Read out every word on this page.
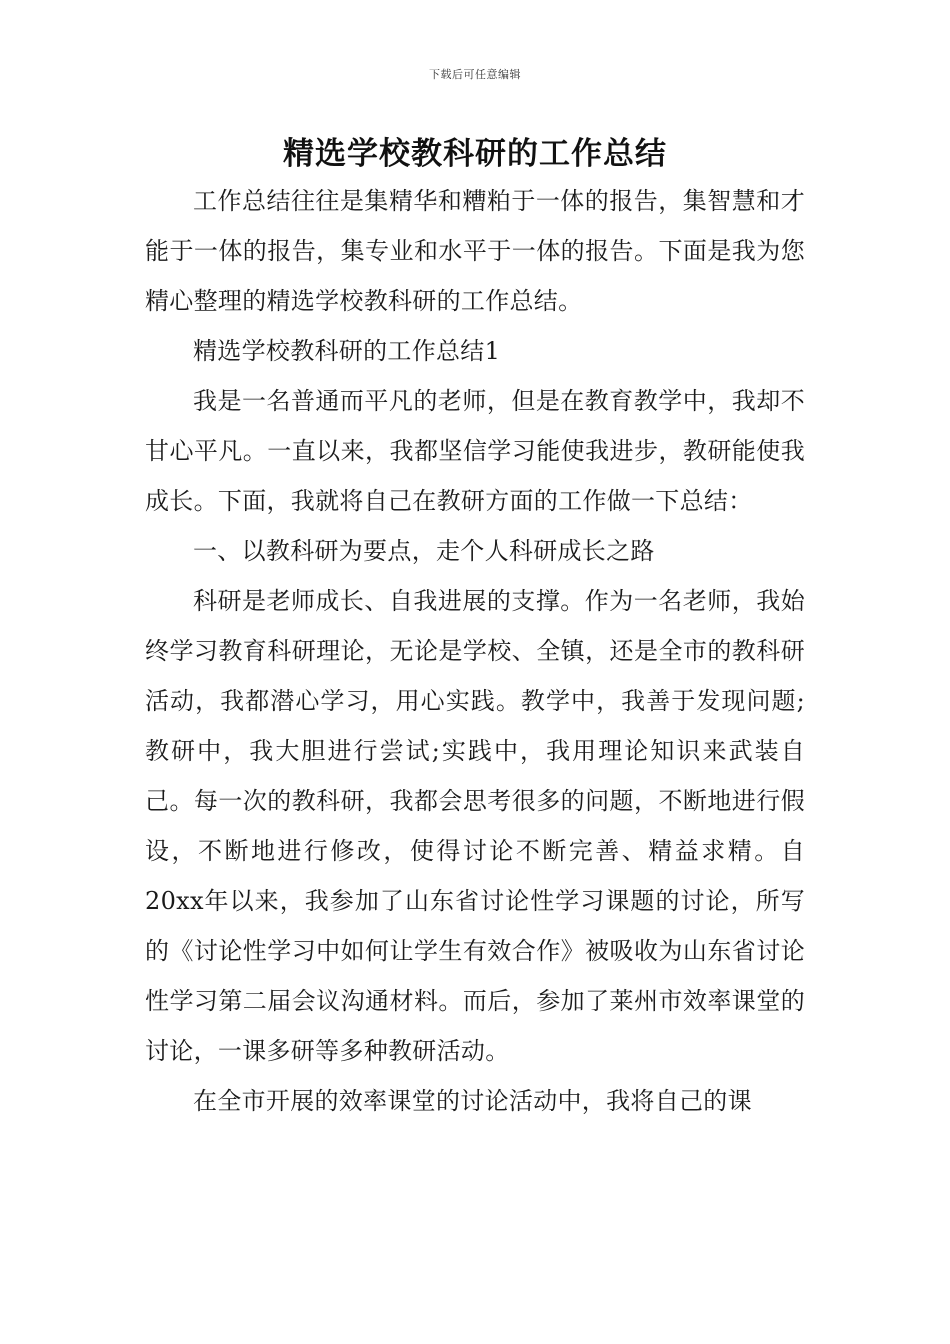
下载后可任意编辑
精选学校教科研的工作总结

工作总结往往是集精华和糟粕于一体的报告，集智慧和才能于一体的报告，集专业和水平于一体的报告。下面是我为您精心整理的精选学校教科研的工作总结。

精选学校教科研的工作总结1

我是一名普通而平凡的老师，但是在教育教学中，我却不甘心平凡。一直以来，我都坚信学习能使我进步，教研能使我成长。下面，我就将自己在教研方面的工作做一下总结：

一、以教科研为要点，走个人科研成长之路

科研是老师成长、自我进展的支撑。作为一名老师，我始终学习教育科研理论，无论是学校、全镇，还是全市的教科研活动，我都潜心学习，用心实践。教学中，我善于发现问题;教研中，我大胆进行尝试;实践中，我用理论知识来武装自己。每一次的教科研，我都会思考很多的问题，不断地进行假设，不断地进行修改，使得讨论不断完善、精益求精。自20xx年以来，我参加了山东省讨论性学习课题的讨论，所写的《讨论性学习中如何让学生有效合作》被吸收为山东省讨论性学习第二届会议沟通材料。而后，参加了莱州市效率课堂的讨论，一课多研等多种教研活动。

在全市开展的效率课堂的讨论活动中，我将自己的课
